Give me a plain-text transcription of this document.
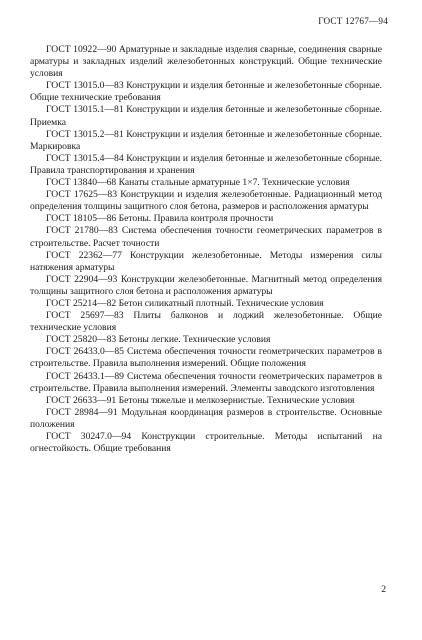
ГОСТ 12767—94

ГОСТ 10922—90 Арматурные и закладные изделия сварные, соединения сварные арматуры и закладных изделий железобетонных конструкций. Общие технические условия

ГОСТ 13015.0—83 Конструкции и изделия бетонные и железобетонные сборные. Общие технические требования

ГОСТ 13015.1—81 Конструкции и изделия бетонные и железобетонные сборные. Приемка

ГОСТ 13015.2—81 Конструкции и изделия бетонные и железобетонные сборные. Маркировка

ГОСТ 13015.4—84 Конструкции и изделия бетонные и железобетонные сборные. Правила транспортирования и хранения

ГОСТ 13840—68 Канаты стальные арматурные 1×7. Технические условия

ГОСТ 17625—83 Конструкции и изделия железобетонные. Радиационный метод определения толщины защитного слоя бетона, размеров и расположения арматуры

ГОСТ 18105—86 Бетоны. Правила контроля прочности

ГОСТ 21780—83 Система обеспечения точности геометрических параметров в строительстве. Расчет точности

ГОСТ 22362—77 Конструкции железобетонные. Методы измерения силы натяжения арматуры

ГОСТ 22904—93 Конструкции железобетонные. Магнитный метод определения толщины защитного слоя бетона и расположения арматуры

ГОСТ 25214—82 Бетон силикатный плотный. Технические условия

ГОСТ 25697—83 Плиты балконов и лоджий железобетонные. Общие технические условия

ГОСТ 25820—83 Бетоны легкие. Технические условия

ГОСТ 26433.0—85 Система обеспечения точности геометрических параметров в строительстве. Правила выполнения измерений. Общие положения

ГОСТ 26433.1—89 Система обеспечения точности геометрических параметров в строительстве. Правила выполнения измерений. Элементы заводского изготовления

ГОСТ 26633—91 Бетоны тяжелые и мелкозернистые. Технические условия

ГОСТ 28984—91 Модульная координация размеров в строительстве. Основные положения

ГОСТ 30247.0—94 Конструкции строительные. Методы испытаний на огнестойкость. Общие требования

2
